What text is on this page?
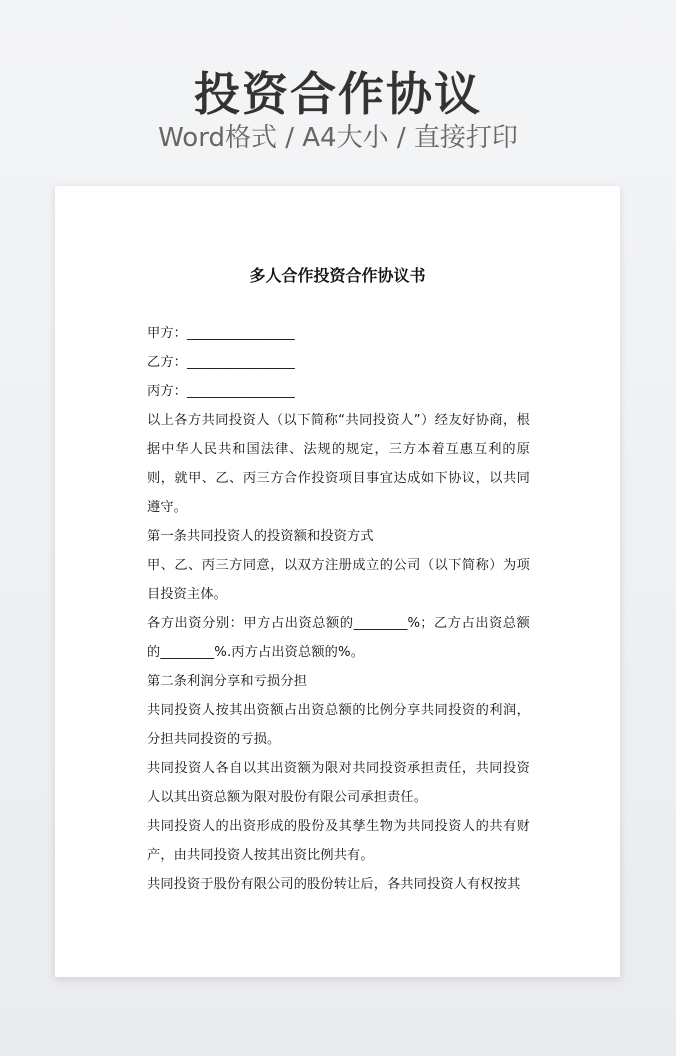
投资合作协议
Word格式 / A4大小 / 直接打印
多人合作投资合作协议书

甲方：________________

乙方：________________

丙方：________________

以上各方共同投资人（以下简称“共同投资人”）经友好协商，根据中华人民共和国法律、法规的规定，三方本着互惠互利的原则，就甲、乙、丙三方合作投资项目事宜达成如下协议，以共同遵守。

第一条共同投资人的投资额和投资方式

甲、乙、丙三方同意，以双方注册成立的公司（以下简称）为项目投资主体。

各方出资分别：甲方占出资总额的________%；乙方占出资总额的________%.丙方占出资总额的%。

第二条利润分享和亏损分担

共同投资人按其出资额占出资总额的比例分享共同投资的利润，分担共同投资的亏损。

共同投资人各自以其出资额为限对共同投资承担责任，共同投资人以其出资总额为限对股份有限公司承担责任。

共同投资人的出资形成的股份及其孳生物为共同投资人的共有财产，由共同投资人按其出资比例共有。

共同投资于股份有限公司的股份转让后，各共同投资人有权按其
